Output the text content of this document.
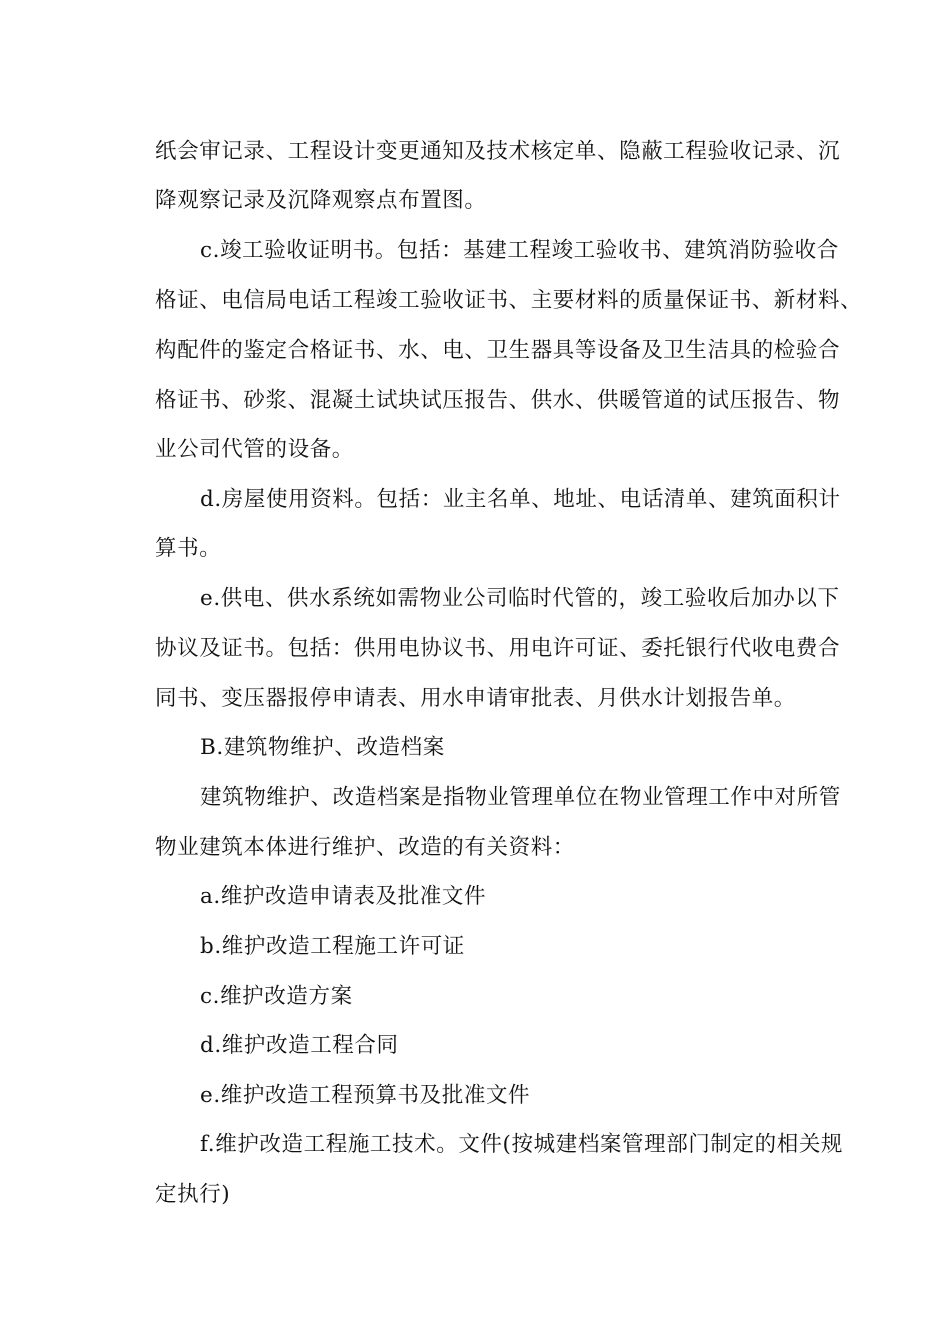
纸会审记录、工程设计变更通知及技术核定单、隐蔽工程验收记录、沉
降观察记录及沉降观察点布置图。
c.竣工验收证明书。包括：基建工程竣工验收书、建筑消防验收合
格证、电信局电话工程竣工验收证书、主要材料的质量保证书、新材料、
构配件的鉴定合格证书、水、电、卫生器具等设备及卫生洁具的检验合
格证书、砂浆、混凝土试块试压报告、供水、供暖管道的试压报告、物
业公司代管的设备。
d.房屋使用资料。包括：业主名单、地址、电话清单、建筑面积计
算书。
e.供电、供水系统如需物业公司临时代管的，竣工验收后加办以下
协议及证书。包括：供用电协议书、用电许可证、委托银行代收电费合
同书、变压器报停申请表、用水申请审批表、月供水计划报告单。
B.建筑物维护、改造档案
建筑物维护、改造档案是指物业管理单位在物业管理工作中对所管
物业建筑本体进行维护、改造的有关资料：
a.维护改造申请表及批准文件
b.维护改造工程施工许可证
c.维护改造方案
d.维护改造工程合同
e.维护改造工程预算书及批准文件
f.维护改造工程施工技术。文件(按城建档案管理部门制定的相关规
定执行)
